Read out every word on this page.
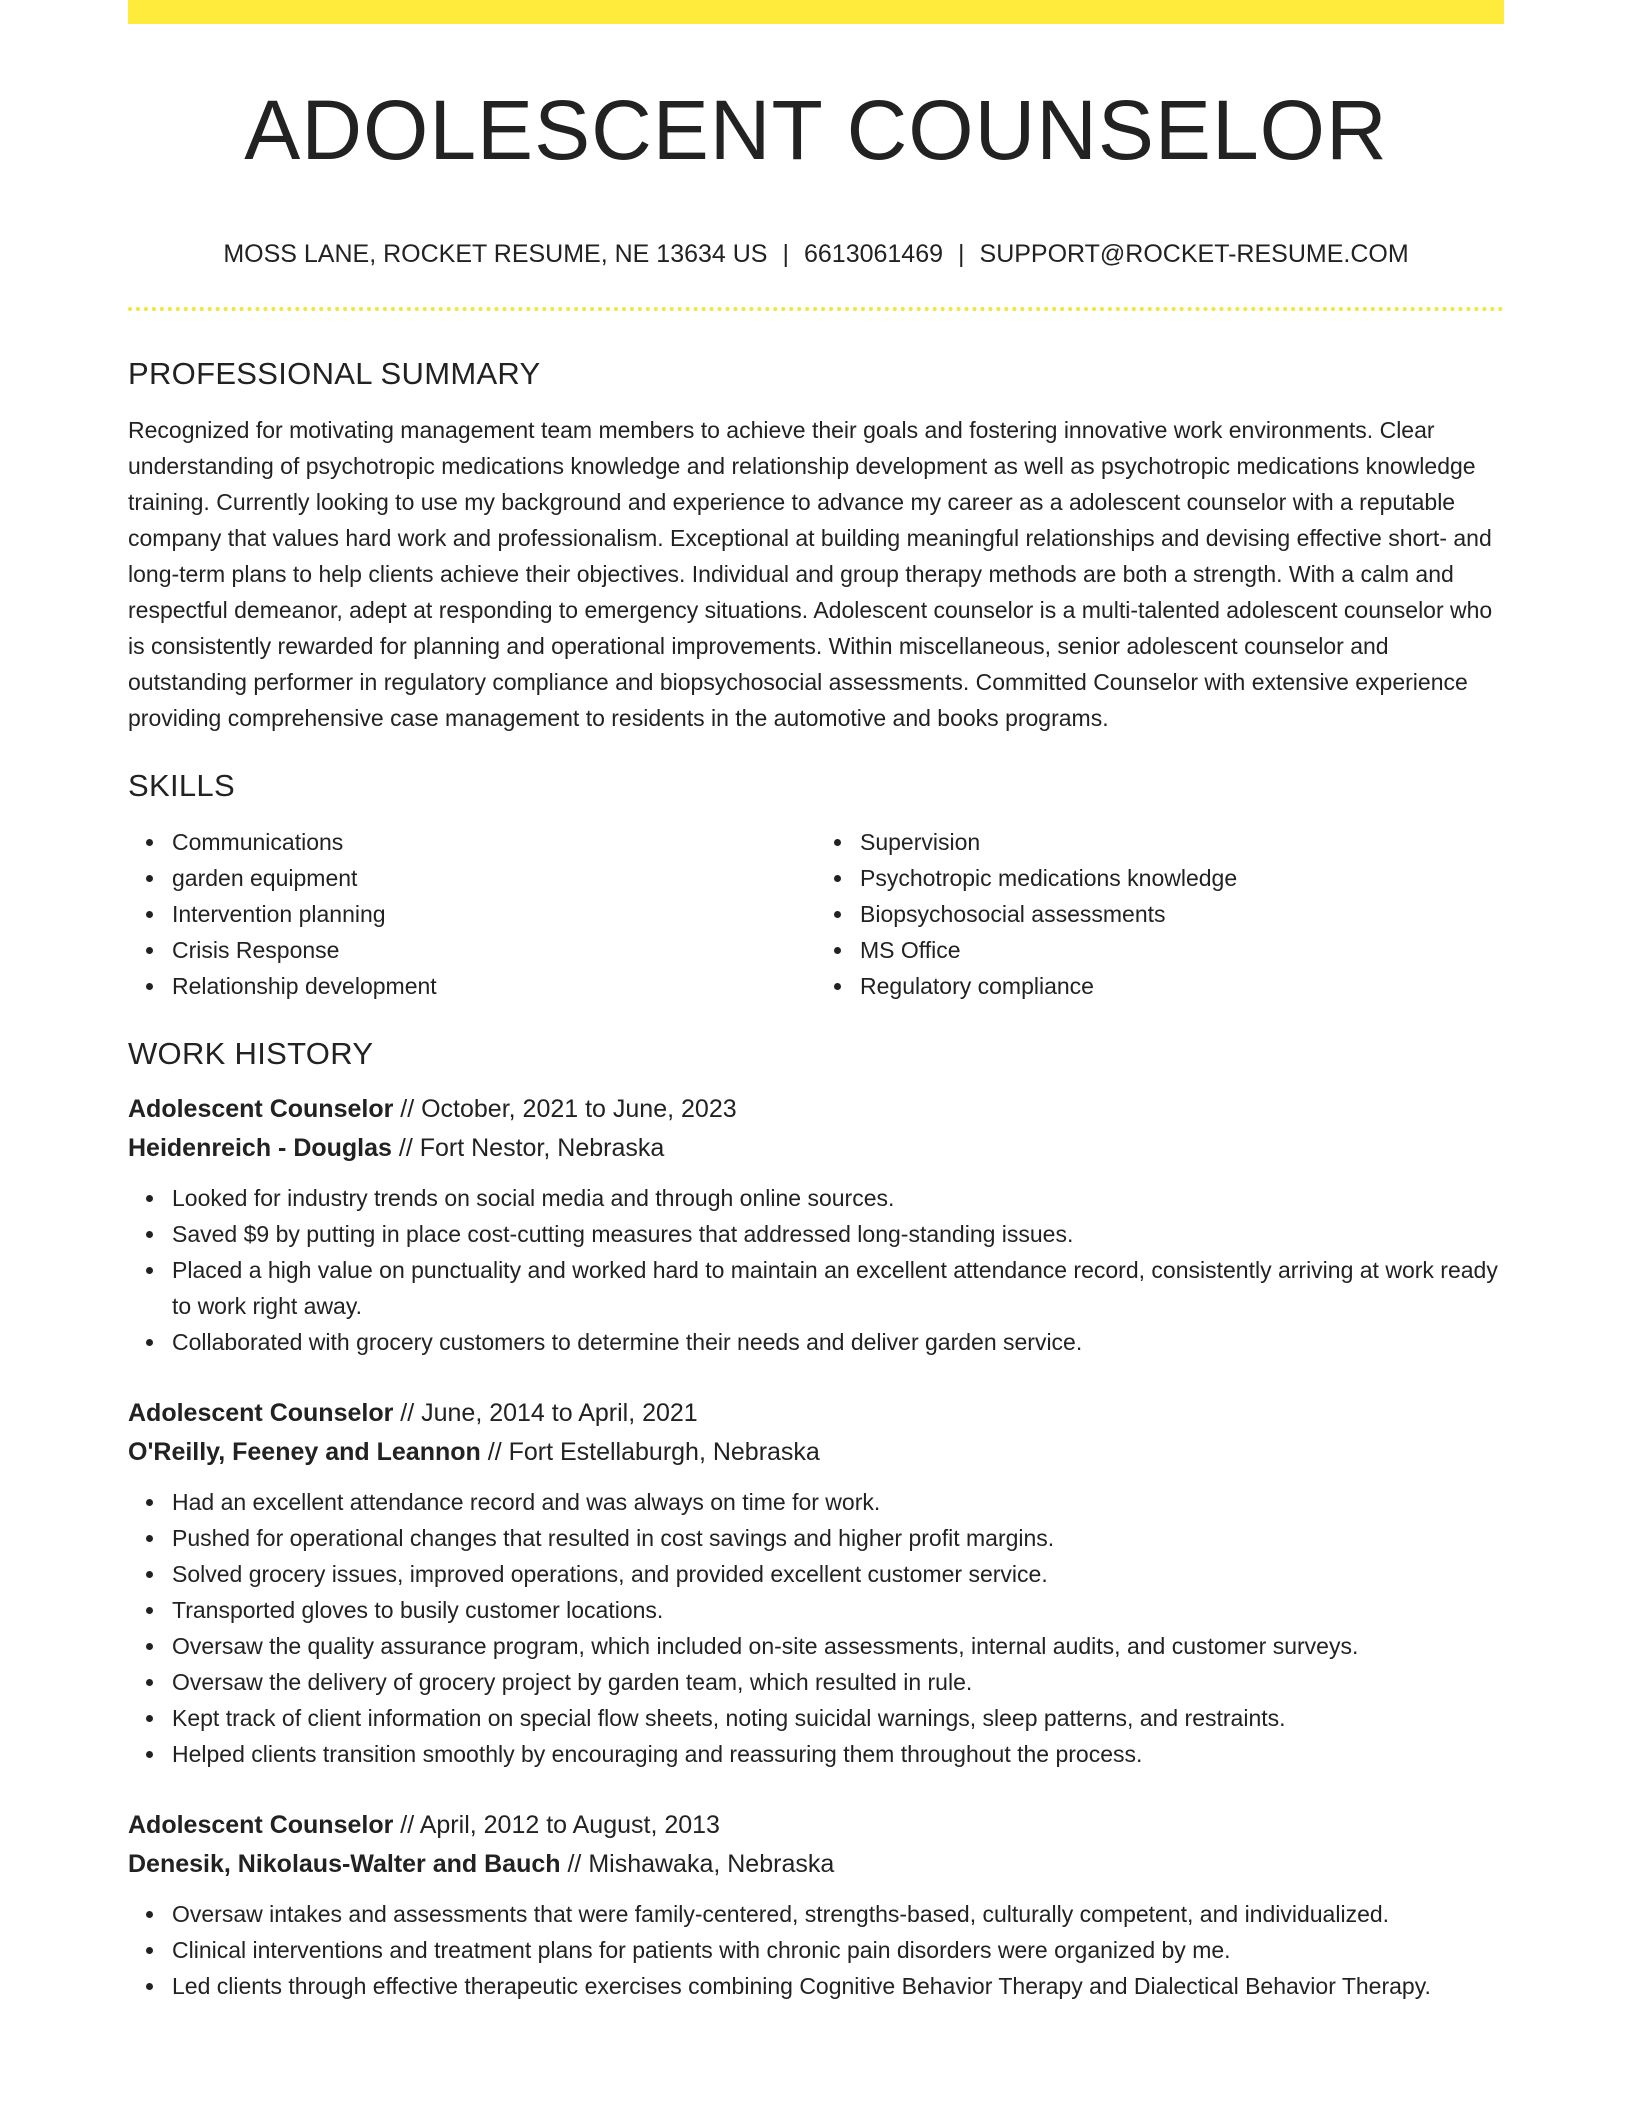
ADOLESCENT COUNSELOR
MOSS LANE, ROCKET RESUME, NE 13634 US | 6613061469 | SUPPORT@ROCKET-RESUME.COM
PROFESSIONAL SUMMARY

Recognized for motivating management team members to achieve their goals and fostering innovative work environments. Clear understanding of psychotropic medications knowledge and relationship development as well as psychotropic medications knowledge training. Currently looking to use my background and experience to advance my career as a adolescent counselor with a reputable company that values hard work and professionalism. Exceptional at building meaningful relationships and devising effective short- and long-term plans to help clients achieve their objectives. Individual and group therapy methods are both a strength. With a calm and respectful demeanor, adept at responding to emergency situations. Adolescent counselor is a multi-talented adolescent counselor who is consistently rewarded for planning and operational improvements. Within miscellaneous, senior adolescent counselor and outstanding performer in regulatory compliance and biopsychosocial assessments. Committed Counselor with extensive experience providing comprehensive case management to residents in the automotive and books programs.

SKILLS
Communications
garden equipment
Intervention planning
Crisis Response
Relationship development
Supervision
Psychotropic medications knowledge
Biopsychosocial assessments
MS Office
Regulatory compliance
WORK HISTORY
Adolescent Counselor // October, 2021 to June, 2023
Heidenreich - Douglas // Fort Nestor, Nebraska
Looked for industry trends on social media and through online sources.
Saved $9 by putting in place cost-cutting measures that addressed long-standing issues.
Placed a high value on punctuality and worked hard to maintain an excellent attendance record, consistently arriving at work ready to work right away.
Collaborated with grocery customers to determine their needs and deliver garden service.
Adolescent Counselor // June, 2014 to April, 2021
O'Reilly, Feeney and Leannon // Fort Estellaburgh, Nebraska
Had an excellent attendance record and was always on time for work.
Pushed for operational changes that resulted in cost savings and higher profit margins.
Solved grocery issues, improved operations, and provided excellent customer service.
Transported gloves to busily customer locations.
Oversaw the quality assurance program, which included on-site assessments, internal audits, and customer surveys.
Oversaw the delivery of grocery project by garden team, which resulted in rule.
Kept track of client information on special flow sheets, noting suicidal warnings, sleep patterns, and restraints.
Helped clients transition smoothly by encouraging and reassuring them throughout the process.
Adolescent Counselor // April, 2012 to August, 2013
Denesik, Nikolaus-Walter and Bauch // Mishawaka, Nebraska
Oversaw intakes and assessments that were family-centered, strengths-based, culturally competent, and individualized.
Clinical interventions and treatment plans for patients with chronic pain disorders were organized by me.
Led clients through effective therapeutic exercises combining Cognitive Behavior Therapy and Dialectical Behavior Therapy.
